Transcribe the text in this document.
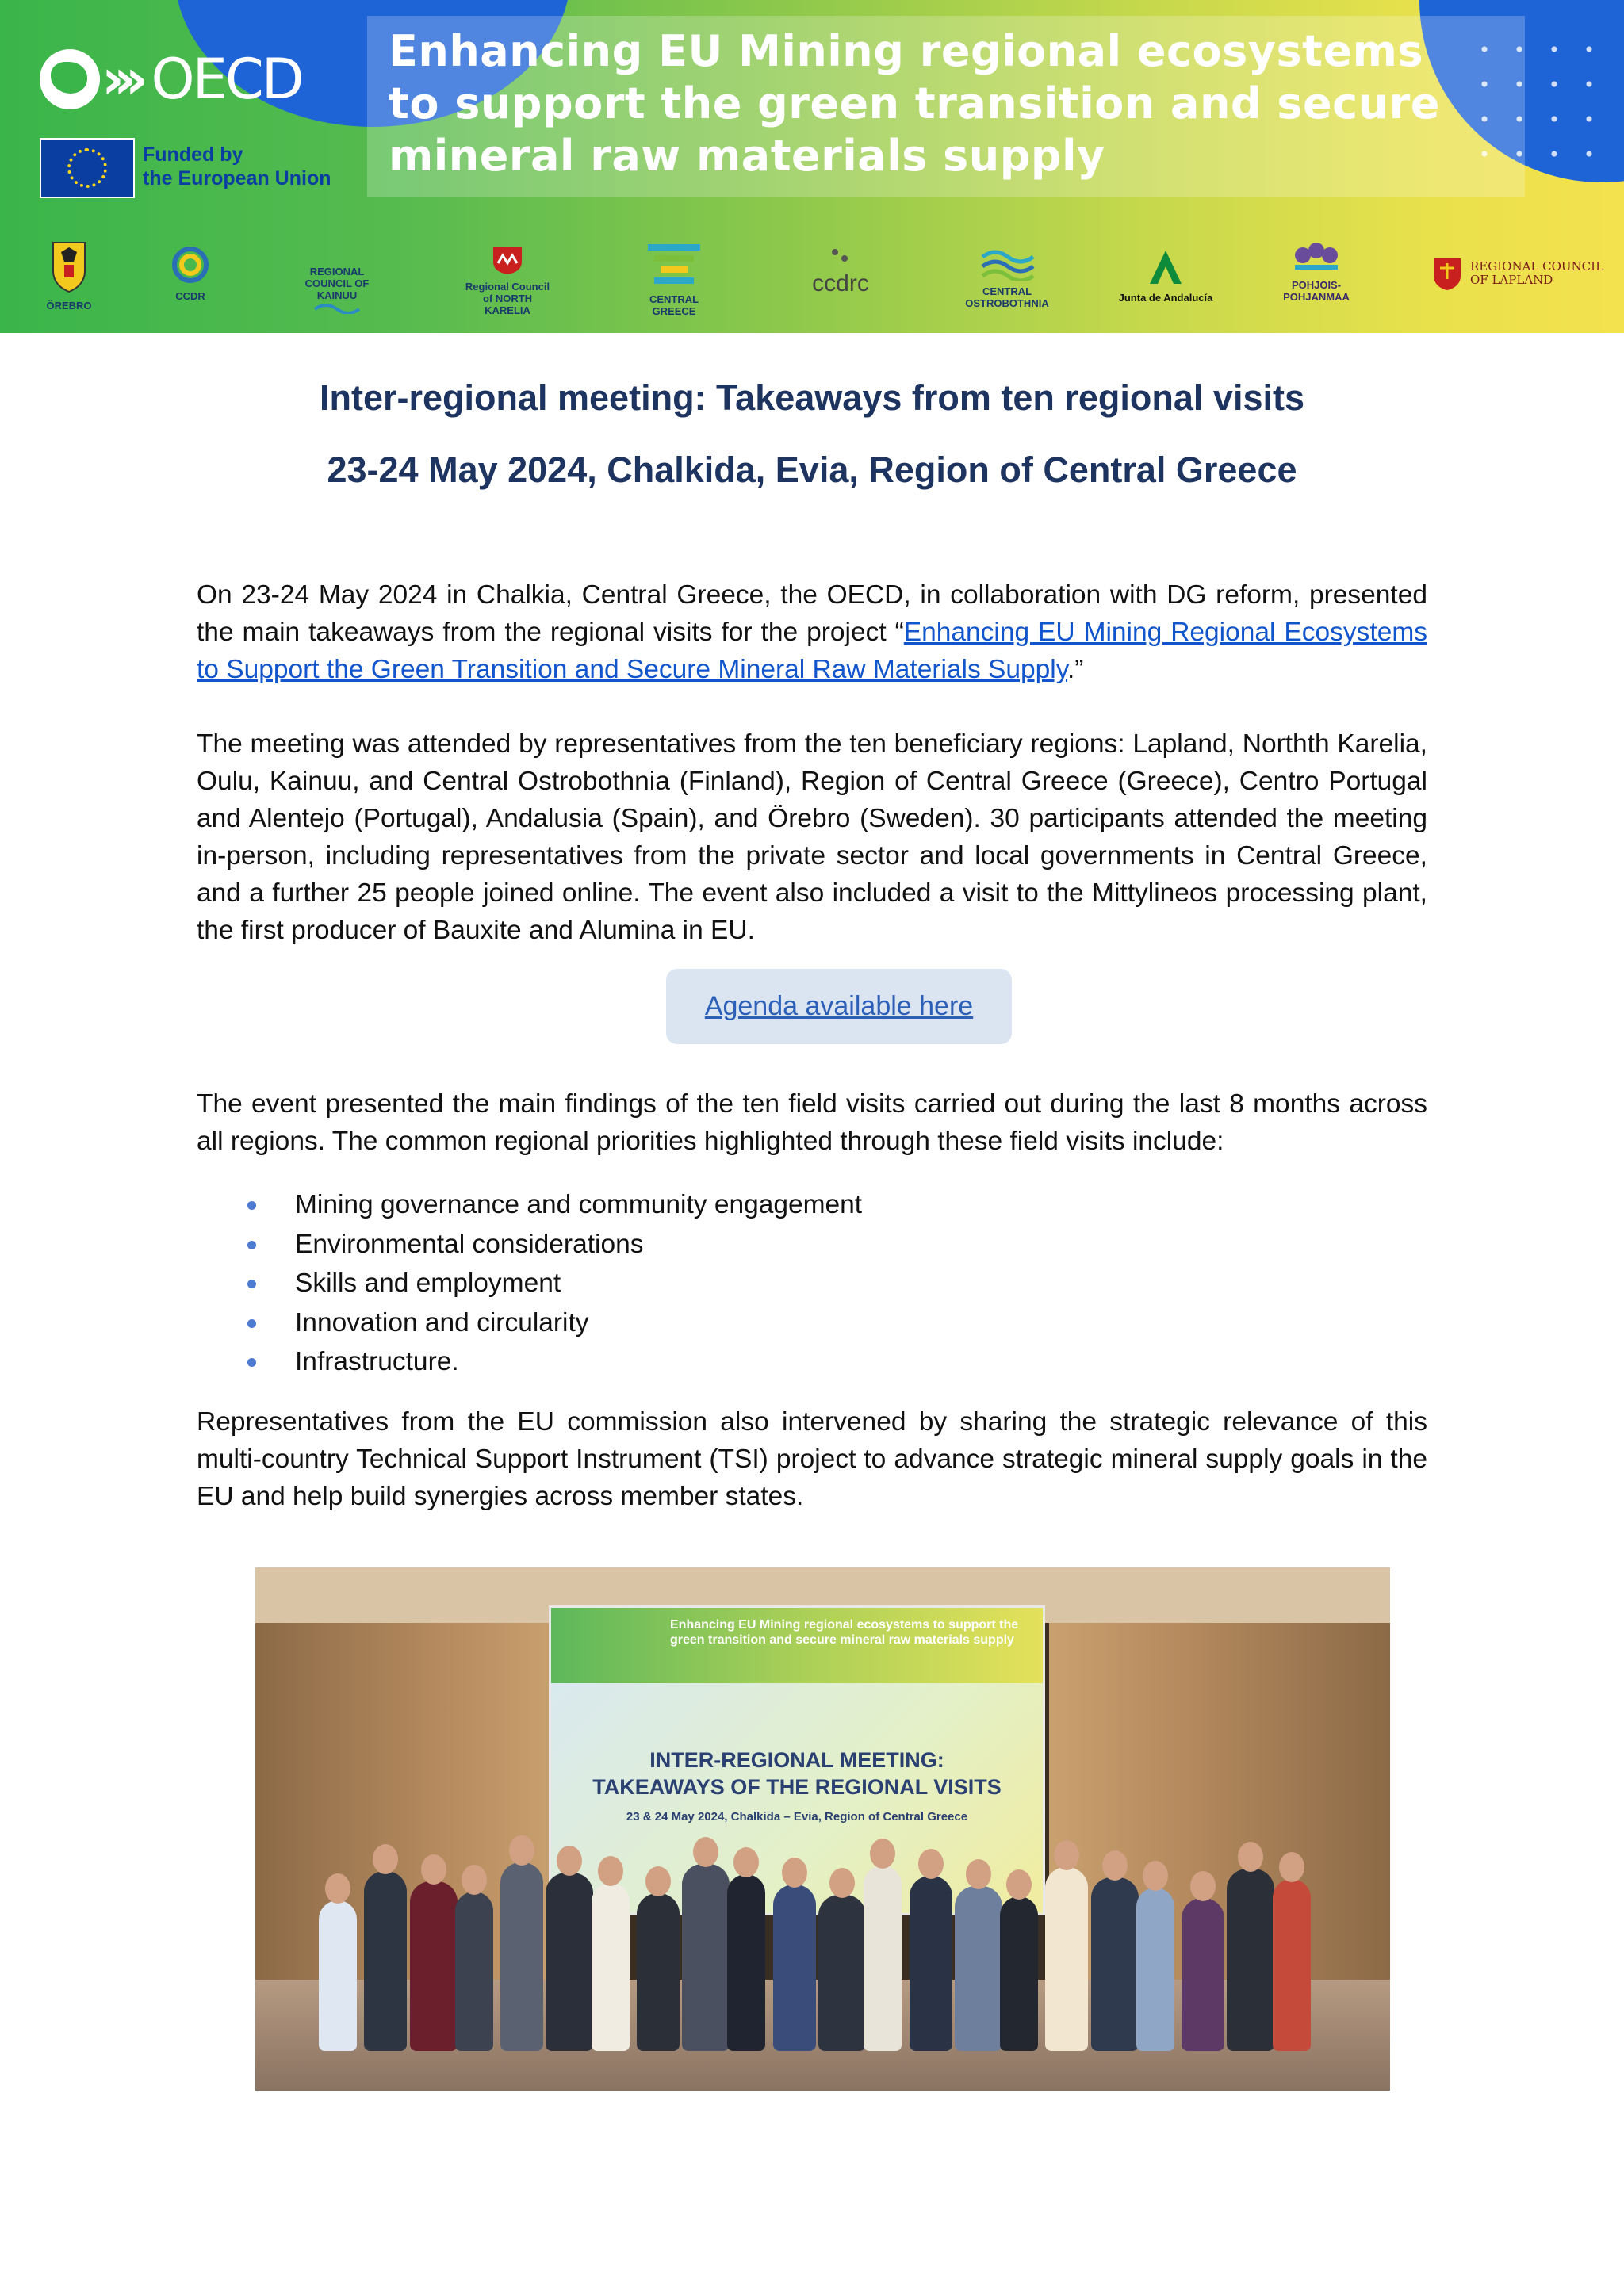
Enhancing EU Mining regional ecosystems
to support the green transition and secure
mineral raw materials supply
››› OECD
Funded by
the European Union
ÖREBRO
CCDR
REGIONAL COUNCIL OF KAINUU
Regional Council of NORTH KARELIA
CENTRAL GREECE
ccdrc	CENTRAL OSTROBOTHNIA	Junta de Andalucía
POHJOIS-POHJANMAA
REGIONAL COUNCIL OF LAPLAND
Inter-regional meeting: Takeaways from ten regional visits
23-24 May 2024, Chalkida, Evia, Region of Central Greece
On 23-24 May 2024 in Chalkia, Central Greece, the OECD, in collaboration with DG reform, presented the main takeaways from the regional visits for the project “Enhancing EU Mining Regional Ecosystems to Support the Green Transition and Secure Mineral Raw Materials Supply.”
The meeting was attended by representatives from the ten beneficiary regions: Lapland, Northth Karelia, Oulu, Kainuu, and Central Ostrobothnia (Finland), Region of Central Greece (Greece), Centro Portugal and Alentejo (Portugal), Andalusia (Spain), and Örebro (Sweden). 30 participants attended the meeting in-person, including representatives from the private sector and local governments in Central Greece, and a further 25 people joined online. The event also included a visit to the Mittylineos processing plant, the first producer of Bauxite and Alumina in EU.
Agenda available here
The event presented the main findings of the ten field visits carried out during the last 8 months across all regions. The common regional priorities highlighted through these field visits include:
Mining governance and community engagement
Environmental considerations
Skills and employment
Innovation and circularity
Infrastructure.
Representatives from the EU commission also intervened by sharing the strategic relevance of this multi-country Technical Support Instrument (TSI) project to advance strategic mineral supply goals in the EU and help build synergies across member states.
Enhancing EU Mining regional ecosystems to support the green transition and secure mineral raw materials supply
INTER-REGIONAL MEETING:
TAKEAWAYS OF THE REGIONAL VISITS
23 & 24 May 2024, Chalkida – Evia, Region of Central Greece
